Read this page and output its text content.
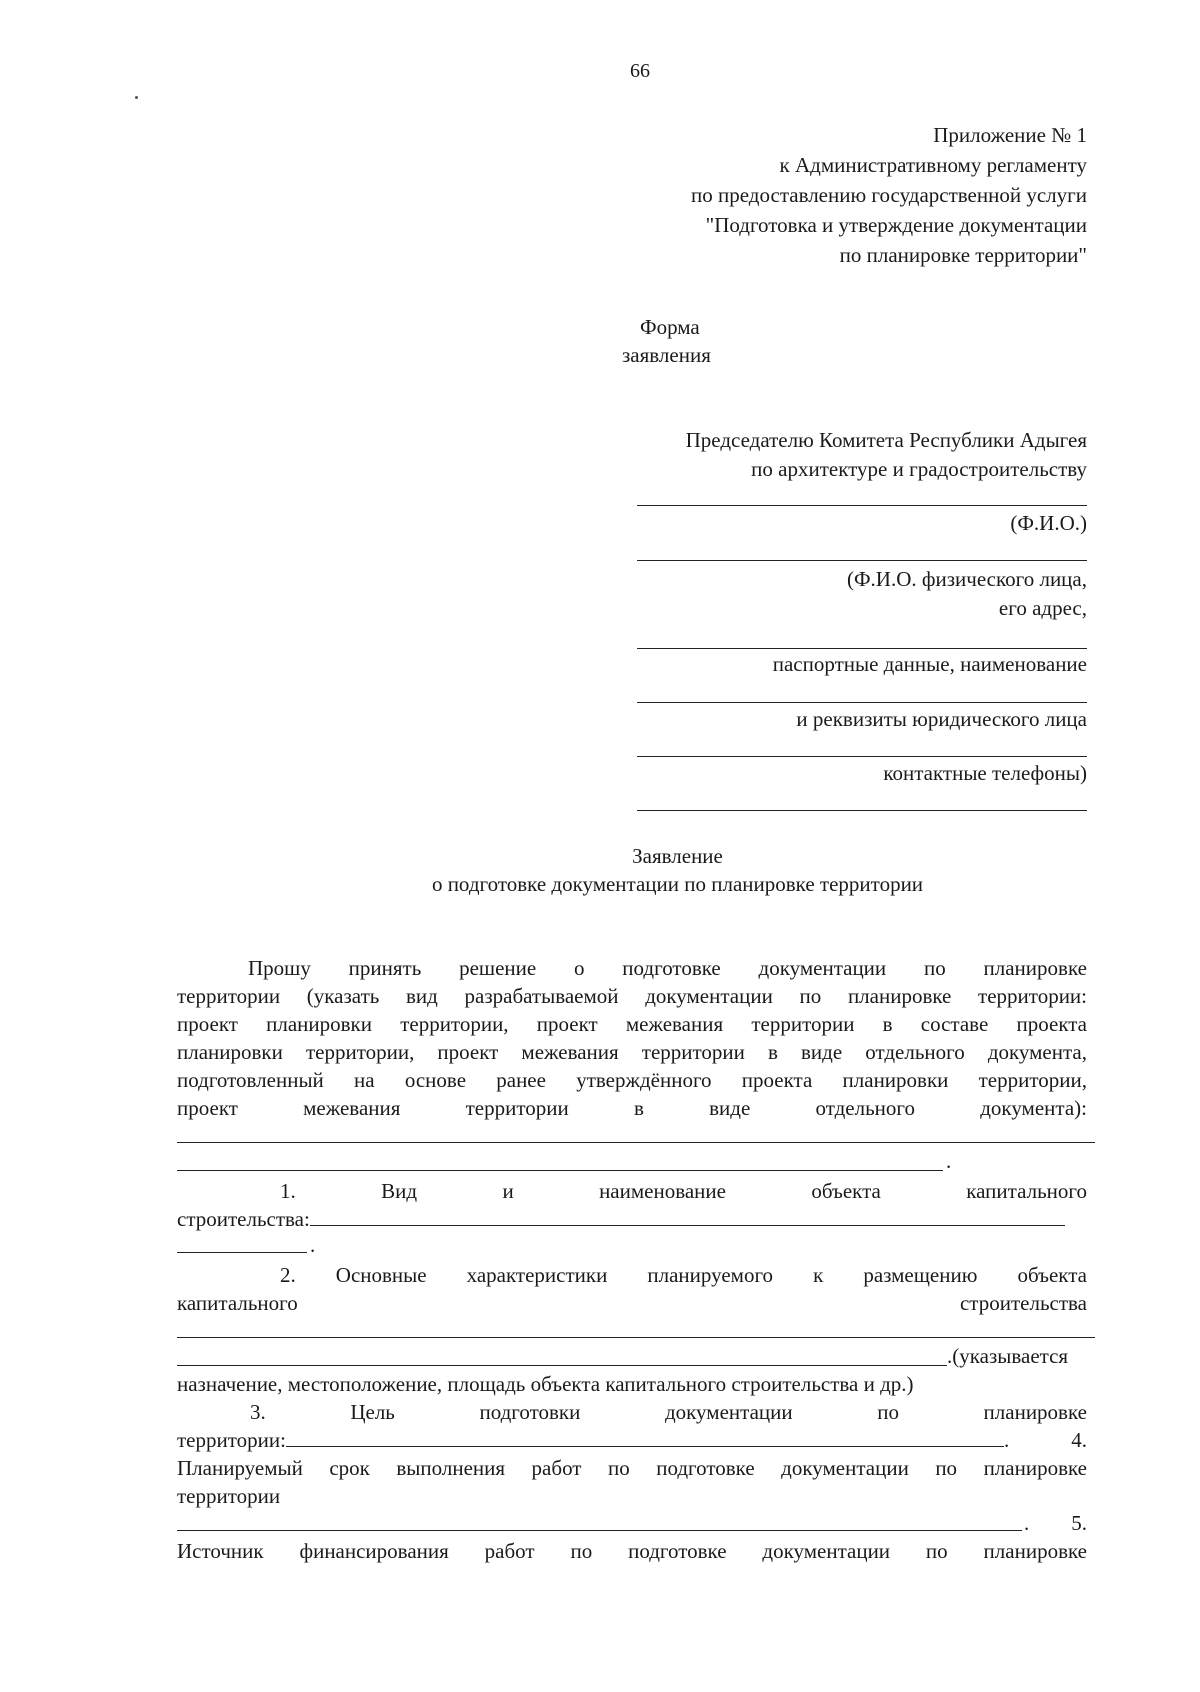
66
Приложение № 1
к Административному регламенту
по предоставлению государственной услуги
"Подготовка и утверждение документации
по планировке территории"
Форма
заявления
Председателю Комитета Республики Адыгея
по архитектуре и градостроительству
(Ф.И.О.)
(Ф.И.О. физического лица,
его адрес,
паспортные данные, наименование
и реквизиты юридического лица
контактные телефоны)
Заявление
о подготовке документации по планировке территории
Прошу принять решение о подготовке документации по планировке
территории (указать вид разрабатываемой документации по планировке территории:
проект планировки территории, проект межевания территории в составе проекта
планировки территории, проект межевания территории в виде отдельного документа,
подготовленный на основе ранее утверждённого проекта планировки территории,
проект	межевания	территории	в	виде	отдельного	документа):
.
1.	Вид	и	наименование	объекта	капитального
строительства:
.
2. Основные характеристики планируемого к размещению объекта
капитального	строительства
.(указывается
назначение, местоположение, площадь объекта капитального строительства и др.)
3.	Цель	подготовки	документации	по	планировке
территории:	.	4.
Планируемый срок выполнения работ по подготовке документации по планировке
территории
. 5.
Источник финансирования работ по подготовке документации по планировке
